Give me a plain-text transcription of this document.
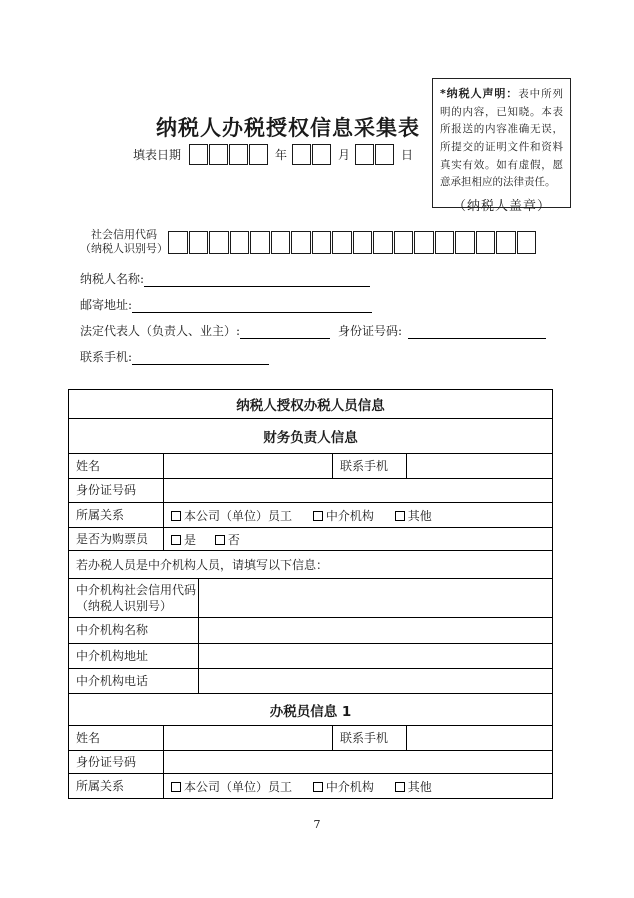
*纳税人声明：表中所列明的内容，已知晓。本表所报送的内容准确无误，所提交的证明文件和资料真实有效。如有虚假，愿意承担相应的法律责任。
（纳税人盖章）
纳税人办税授权信息采集表
填表日期	年	月	日
社会信用代码
（纳税人识别号）
纳税人名称:
邮寄地址:
法定代表人（负责人、业主）:	身份证号码:
联系手机:
纳税人授权办税人员信息				
财务负责人信息				
姓名			联系手机	
身份证号码				
所属关系	本公司（单位）员工 中介机构 其他			
是否为购票员	是 否			
若办税人员是中介机构人员，请填写以下信息：				
中介机构社会信用代码（纳税人识别号）				
中介机构名称				
中介机构地址				
中介机构电话				
办税员信息 1				
姓名			联系手机	
身份证号码				
所属关系	本公司（单位）员工 中介机构 其他			
7
